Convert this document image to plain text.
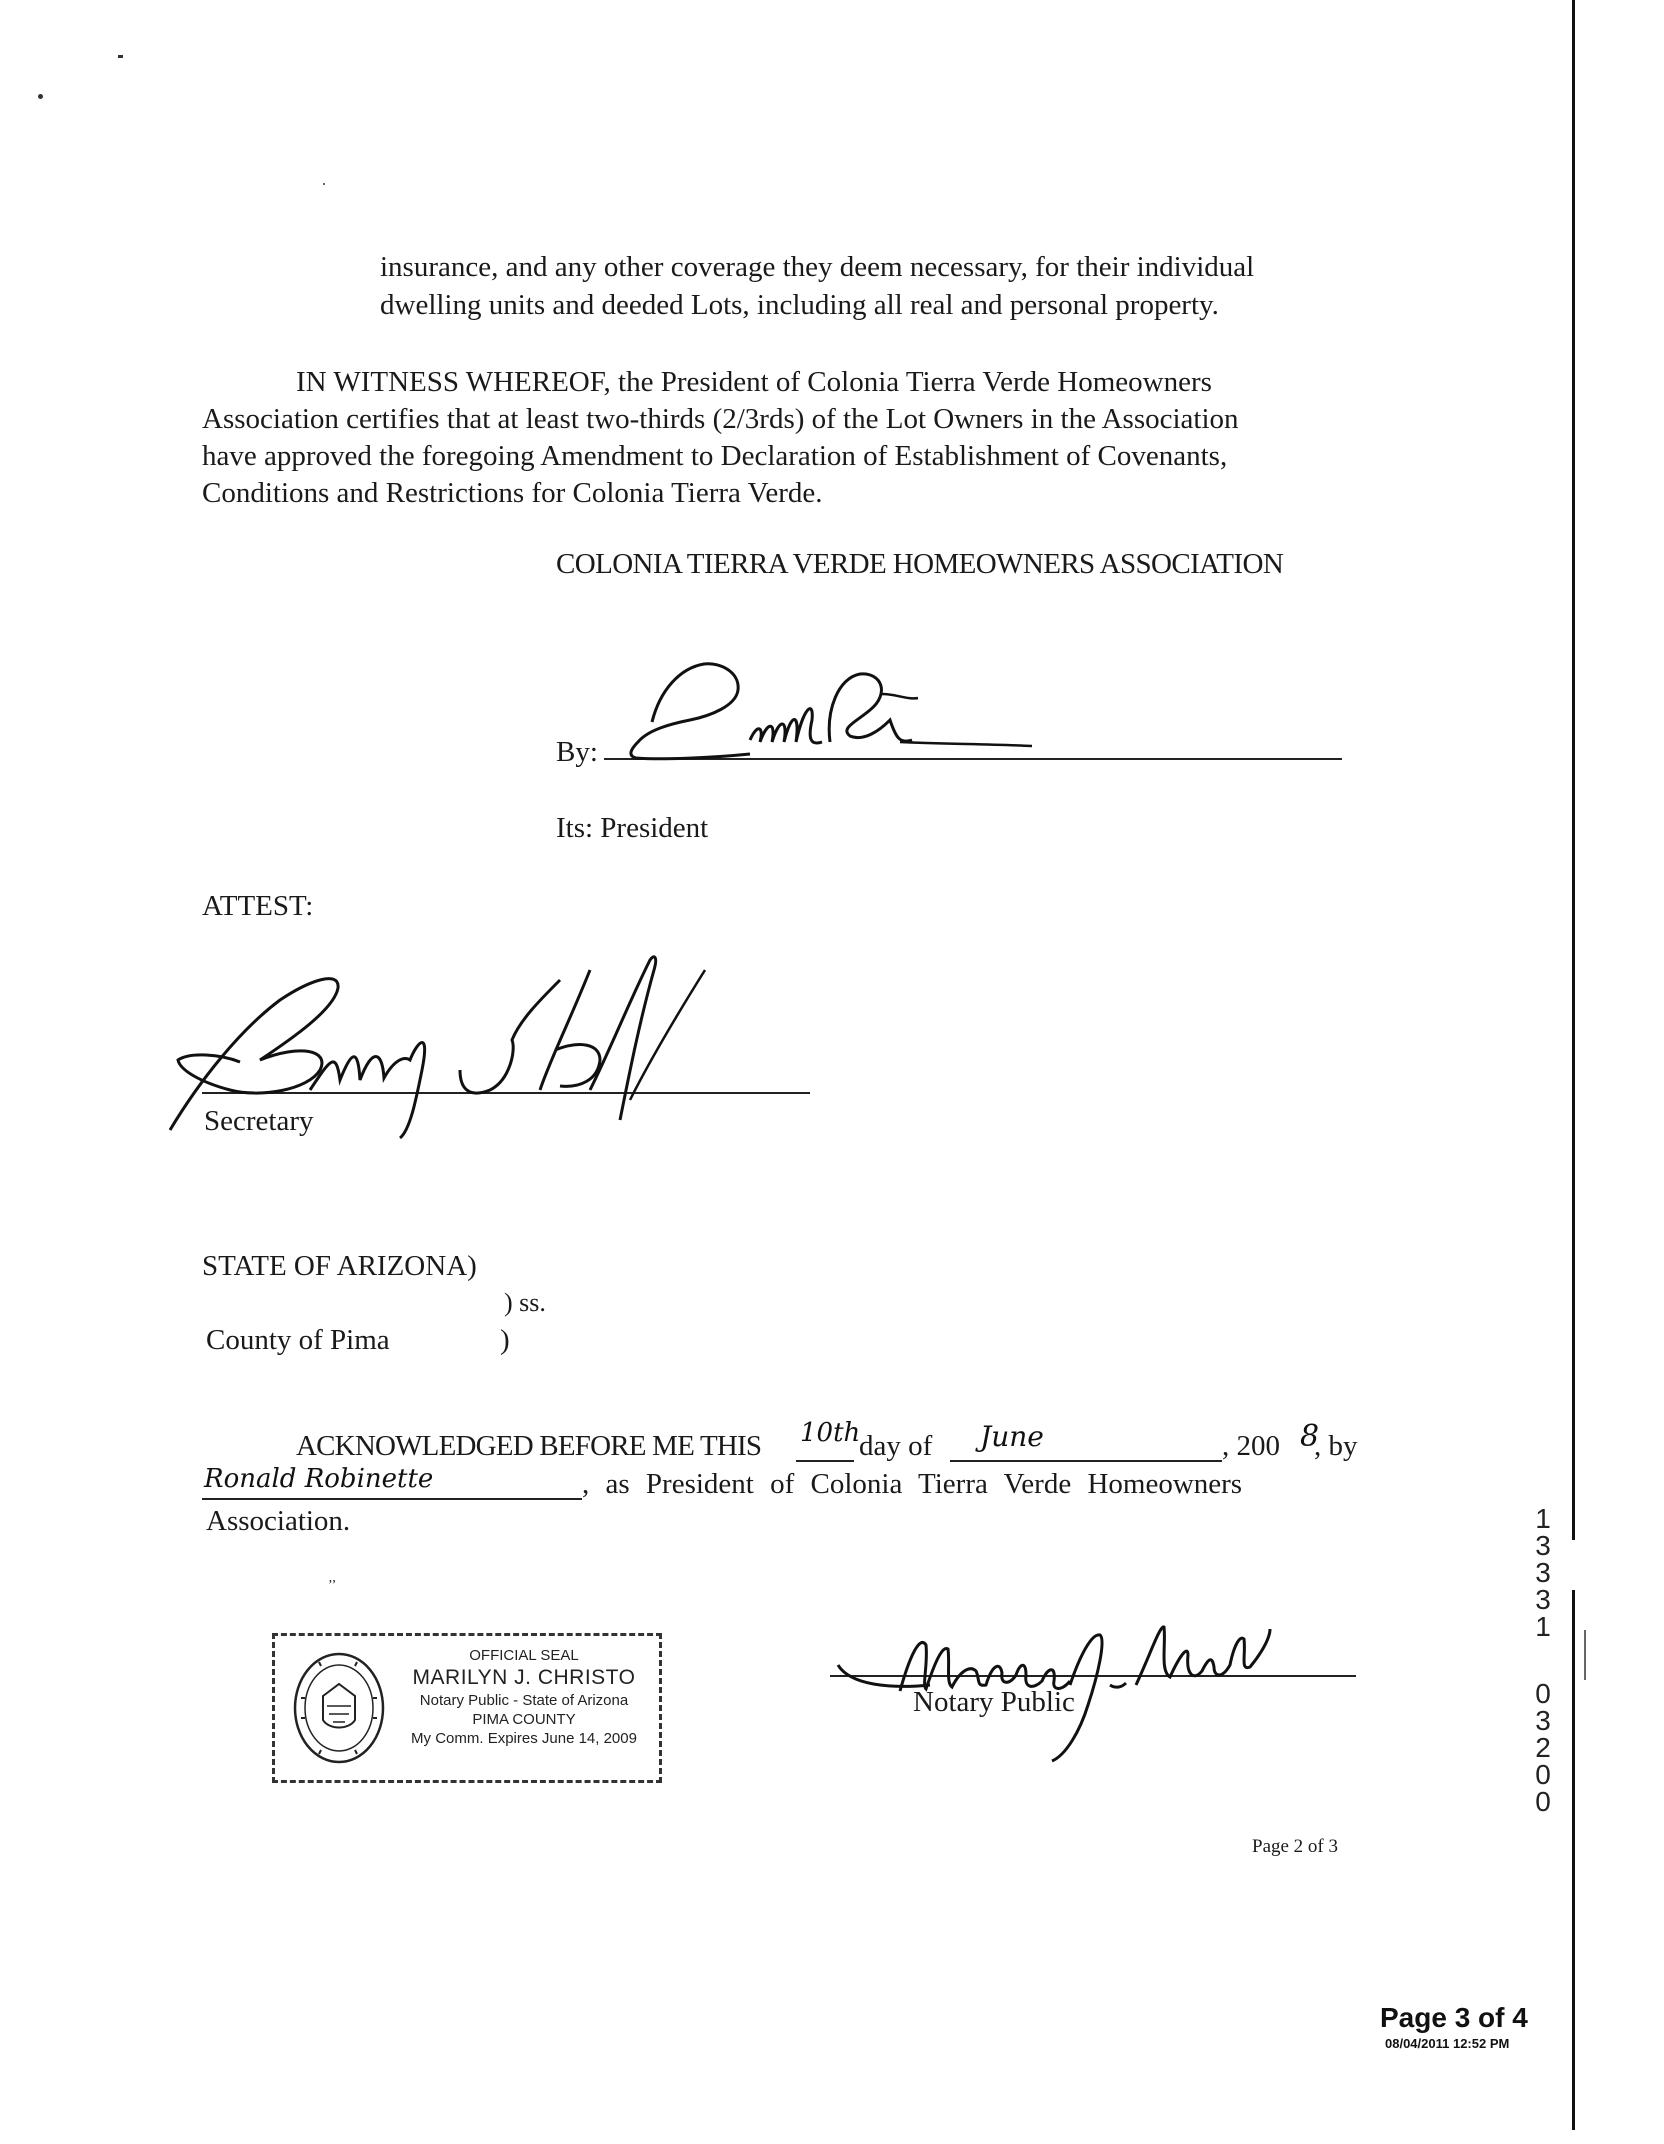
insurance, and any other coverage they deem necessary, for their individual
dwelling units and deeded Lots, including all real and personal property.
IN WITNESS WHEREOF, the President of Colonia Tierra Verde Homeowners
Association certifies that at least two-thirds (2/3rds) of the Lot Owners in the Association
have approved the foregoing Amendment to Declaration of Establishment of Covenants,
Conditions and Restrictions for Colonia Tierra Verde.
COLONIA TIERRA VERDE HOMEOWNERS ASSOCIATION
By:
Its: President
ATTEST:
Secretary
STATE OF ARIZONA)
) ss.
County of Pima	)
ACKNOWLEDGED BEFORE ME THIS 10th
day of June	, 200 8
, by
Ronald Robinette	, as President of Colonia Tierra Verde Homeowners
Association.
’’
OFFICIAL SEAL
MARILYN J. CHRISTO
Notary Public - State of Arizona
PIMA COUNTY
My Comm. Expires June 14, 2009
Notary Public
1
3
3
3
1
0
3
2
0
0
Page 2 of 3
Page 3 of 4
08/04/2011 12:52 PM
